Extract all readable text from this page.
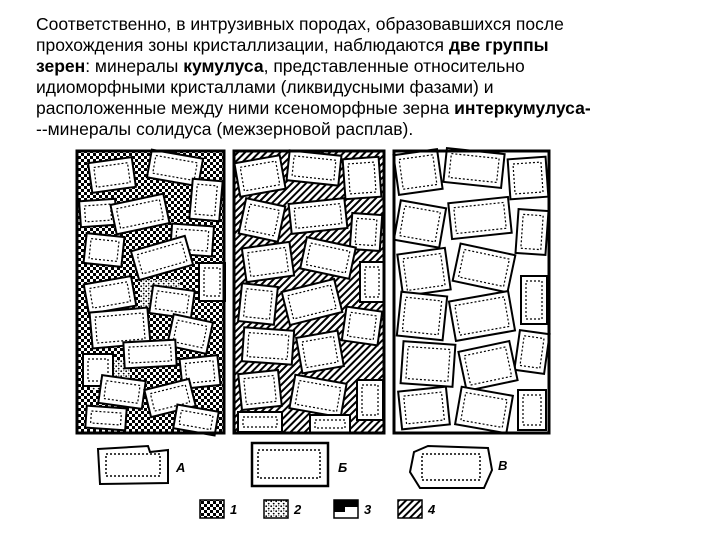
Соответственно, в интрузивных породах, образовавшихся после
прохождения зоны кристаллизации, наблюдаются две группы
зерен: минералы кумулуса, представленные относительно
идиоморфными кристаллами (ликвидусными фазами) и
расположенные между ними ксеноморфные зерна интеркумулуса-
--минералы солидуса (межзерновой расплав).
А	Б	В
1	2	3	4
